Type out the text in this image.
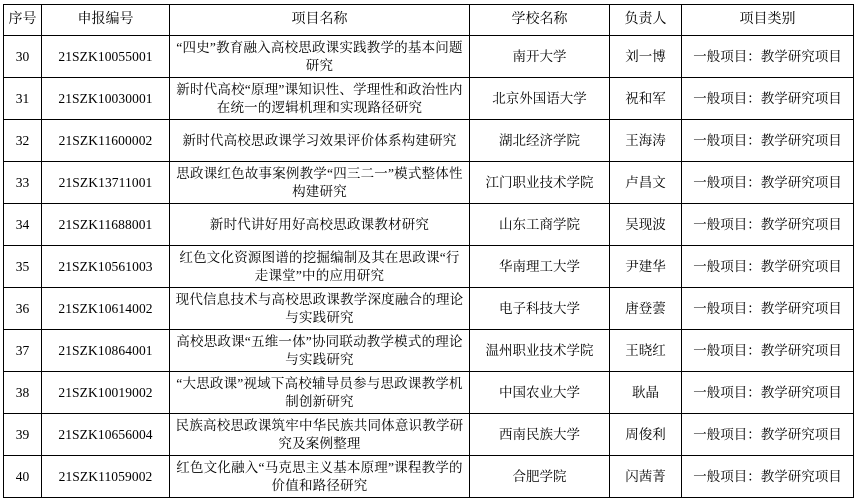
序号	申报编号	项目名称	学校名称	负责人	项目类别
30	21SZK10055001	“四史”教育融入高校思政课实践教学的基本问题研究	南开大学	刘一博	一般项目：教学研究项目
31	21SZK10030001	新时代高校“原理”课知识性、学理性和政治性内在统一的逻辑机理和实现路径研究	北京外国语大学	祝和军	一般项目：教学研究项目
32	21SZK11600002	新时代高校思政课学习效果评价体系构建研究	湖北经济学院	王海涛	一般项目：教学研究项目
33	21SZK13711001	思政课红色故事案例教学“四三二一”模式整体性构建研究	江门职业技术学院	卢昌文	一般项目：教学研究项目
34	21SZK11688001	新时代讲好用好高校思政课教材研究	山东工商学院	吴现波	一般项目：教学研究项目
35	21SZK10561003	红色文化资源图谱的挖掘编制及其在思政课“行走课堂”中的应用研究	华南理工大学	尹建华	一般项目：教学研究项目
36	21SZK10614002	现代信息技术与高校思政课教学深度融合的理论与实践研究	电子科技大学	唐登蕓	一般项目：教学研究项目
37	21SZK10864001	高校思政课“五维一体”协同联动教学模式的理论与实践研究	温州职业技术学院	王晓红	一般项目：教学研究项目
38	21SZK10019002	“大思政课”视域下高校辅导员参与思政课教学机制创新研究	中国农业大学	耿晶	一般项目：教学研究项目
39	21SZK10656004	民族高校思政课筑牢中华民族共同体意识教学研究及案例整理	西南民族大学	周俊利	一般项目：教学研究项目
40	21SZK11059002	红色文化融入“马克思主义基本原理”课程教学的价值和路径研究	合肥学院	闪茜菁	一般项目：教学研究项目
